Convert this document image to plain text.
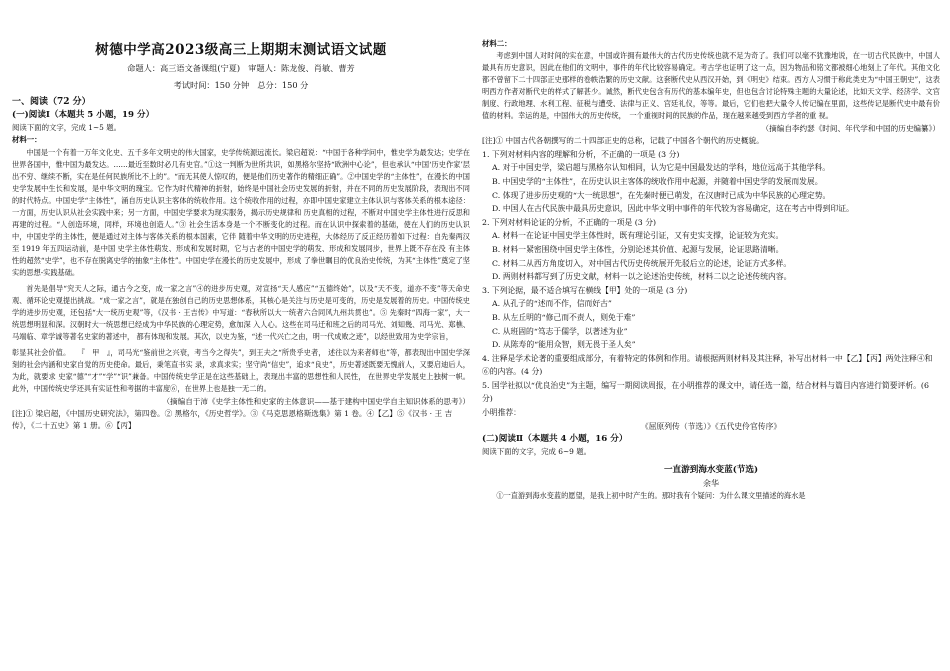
树德中学高2023级高三上期期末测试语文试题
命题人：高三语文备课组(宁夏)　审题人：陈龙俊、肖敏、曹芳
考试时间：150 分钟　总分：150 分
一、阅读（72 分）
(一)阅读Ⅰ（本题共 5 小题，19 分）
阅读下面的文字，完成 1~5 题。
材料一：

中国是一个有着一万年文化史、五千多年文明史的伟大国家，史学传统源远流长。梁启超说：“中国于各种学问中，惟史学为最发达；史学在世界各国中，惟中国为最发达。……最近至数时必几有史官。”①这一判断为世所共识，如黑格尔坚持“欧洲中心论”，但也承认“中国‘历史作家’层出不穷、继续不断，实在是任何民族所比不上的”。“而无其使人惊叹的，便是他们历史著作的精细正确”。②中国史学的“主体性”，在漫长的中国史学发展中生长和发展，是中华文明的瑰宝。它作为时代精神的折射，始终是中国社会历史发展的折射，并在不同的历史发展阶段，表现出不同的时代特点。中国史学“主体性”，涌自历史认识主客体的统收作用。这个统收作用的过程，亦即中国史家建立主体认识与客体关系的根本途径：一方面，历史认识从社会实践中来；另一方面，中国史学要求为现实服务，揭示历史规律和 历史真相的过程，不断对中国史学主体性进行反思和再建的过程。“人创造环境，同样，环境也创造人。”③ 社会生活本身是一个不断变化的过程。而在认识中探索着的基础，使在人们的历史认识中，中国史学的主体性，便是通过对主体与客体关系的根本国素，它伴 随着中华文明的历史进程，大体经历了反正经历着如下过程：自先秦两汉至 1919 年五四运动前，是中国 史学主体性萌发、形成和发展时期，它与古老的中国史学的萌发、形成和发展同步，世界上既不存在没 有主体性的超然“史学”，也不存在脱离史学的抽象“主体性”。中国史学在漫长的历史发展中，形成 了拳世瞩目的优良治史传统，为其“主体性”奠定了坚实的思想-实践基础。

首先是倡导“究天人之际，通古今之变，成一家之言”④的进步历史观，对宣扬“天人感应”“五德终始”，以及“天不变，道亦不变”等天命史观、循环论史观提出挑战。“成一家之言”，就是在独创自己的历史思想体系，其核心是关注与历史是可变的，历史是发展着的历史。中国传统史学的进步历史观，还包括“大一统历史观”等，《汉书 · 王吉传》中写道：“春秋所以大一统者六合同风九州共贯也”。⑤ 先秦时“四海一家”，大一统思想明显和深。汉朝时大一统思想已经成为中华民族的心理定势，愈加深 入人心。这些在司马迁和班之后的司马光、刘知幾、司马光、郑樵、马端临、章学诚等著名史家的著述中， 都有体现和发展。其次，以史为鉴，“述一代兴亡之由，明一代成败之迹”，以经世致用为史学宗旨，

彰显其社会价值。　　『　甲　』，司马光“鉴前世之兴衰，考当今之得失”，到王夫之“所贵乎史者， 述往以为来者师也”等，都表现出中国史学深刻的社会内涵和史家自觉的历史使命。最后，秉笔直书实 录，求真求实；坚守尚“信史”，追求“良史”，历史著述既要无愧前人，又要启迪后人，为此，就要求 史家“德”“才”“学”“识”兼备。中国传统史学正是在这些基础上，表现出丰富的思想性和人民性， 在世界史学发展史上独树一帜。此外，中国传统史学还具有实证性和考据的丰富度⑥，在世界上也是独一无二的。

（摘编自于沛《史学主体性和史家的主体意识——基于建构中国史学自主知识体系的思考》）
[注]① 梁启超，《中国历史研究法》，第四卷。② 黑格尔，《历史哲学》。③《马克思恩格斯选集》第 1 卷。④【乙】⑤《汉书 · 王 吉传》，《二十五史》第 1 册。⑥【丙】
材料二：

考虑到中国人对时间的实在意，中国或许拥有最伟大的古代历史传统也就不足为奇了。我们可以毫不犹豫地说，在一切古代民族中，中国人最具有历史意识，因此在他们的文明中，事件的年代比较容易确定。考古学也证明了这一点，因为物品和铭文都被细心地刻上了年代。其他文化都不曾留下二十四部正史那样的卷帙浩繁的历史文献。这套断代史从西汉开始，到《明史》结束。西方人习惯于称此类史为“中国王朝史”，这表明西方作者对断代史的样式了解甚少。诚然，断代史包含有历代的基本编年史，但也包含讨论特殊主题的大量论述，比如天文学、经济学、文官制度、行政地理、水利工程、征税与遭受、法律与正义、宫廷礼仪，等等。最后，它们也把大量令人传记编在里面，这些传记是断代史中最有价值的材料。幸运的是，中国伟大的历史传统，　一个重视时间的民族的作品，现在越来越受到西方学者的重 视。

（摘编自李约瑟《时间、年代学和中国的历史编纂》）
[注]① 中国古代各朝撰写的二十四部正史的总称，记载了中国各个朝代的历史概貌。
1. 下列对材料内容的理解和分析，不正确的一项是 (3 分)
A. 对于中国史学，梁启超与黑格尔认知相同，认为它是中国最发达的学科，地位远高于其他学科。
B. 中国史学的“主体性”，在历史认识主客体的统收作用中起源，并随着中国史学的发展而发展。
C. 体现了进步历史观的“大一统思想”，在先秦时便已萌发，在汉唐时已成为中华民族的心理定势。
D. 中国人在古代民族中最具历史意识，因此中华文明中事件的年代较为容易确定，这在考古中得到印证。
2. 下列对材料论证的分析，不正确的一项是 (3 分)
A. 材料一在论证中国史学主体性时，既有理论引证，又有史实支撑，论证较为充实。
B. 材料一紧密围绕中国史学主体性，分别论述其价值、起源与发展，论证思路清晰。
C. 材料二从西方角度切入，对中国古代历史传统展开先驳后立的论述，论证方式多样。
D. 两则材料都写到了历史文献，材料一以之论述治史传统，材料二以之论述传统内容。
3. 下列论据，最不适合填写在横线【甲】处的一项是 (3 分)
A. 从孔子的“述而不作，信而好古”
B. 从左丘明的“修己而不责人，则免于难”
C. 从班固的“笃志于儒学，以著述为业”
D. 从陈寿的“能用众智，则无畏于圣人矣”
4. 注释是学术论著的重要组成部分，有着特定的体例和作用。请根据两则材料及其注释，补写出材料一中【乙】【丙】两处注释④和⑥的内容。(4 分)
5. 国学社拟以“优良治史”为主题，编写一期阅读周报，在小明推荐的课文中，请任选一篇，结合材料与篇目内容进行简要评析。(6 分)
小明推荐：
《屈原列传（节选）》《五代史伶官传序》
(二)阅读Ⅱ（本题共 4 小题，16 分）
阅读下面的文字，完成 6~9 题。
一直游到海水变蓝(节选)
余华

①一直游到海水变蓝的愿望，是我上初中时产生的。那时我有个疑问：为什么课文里描述的海水是
